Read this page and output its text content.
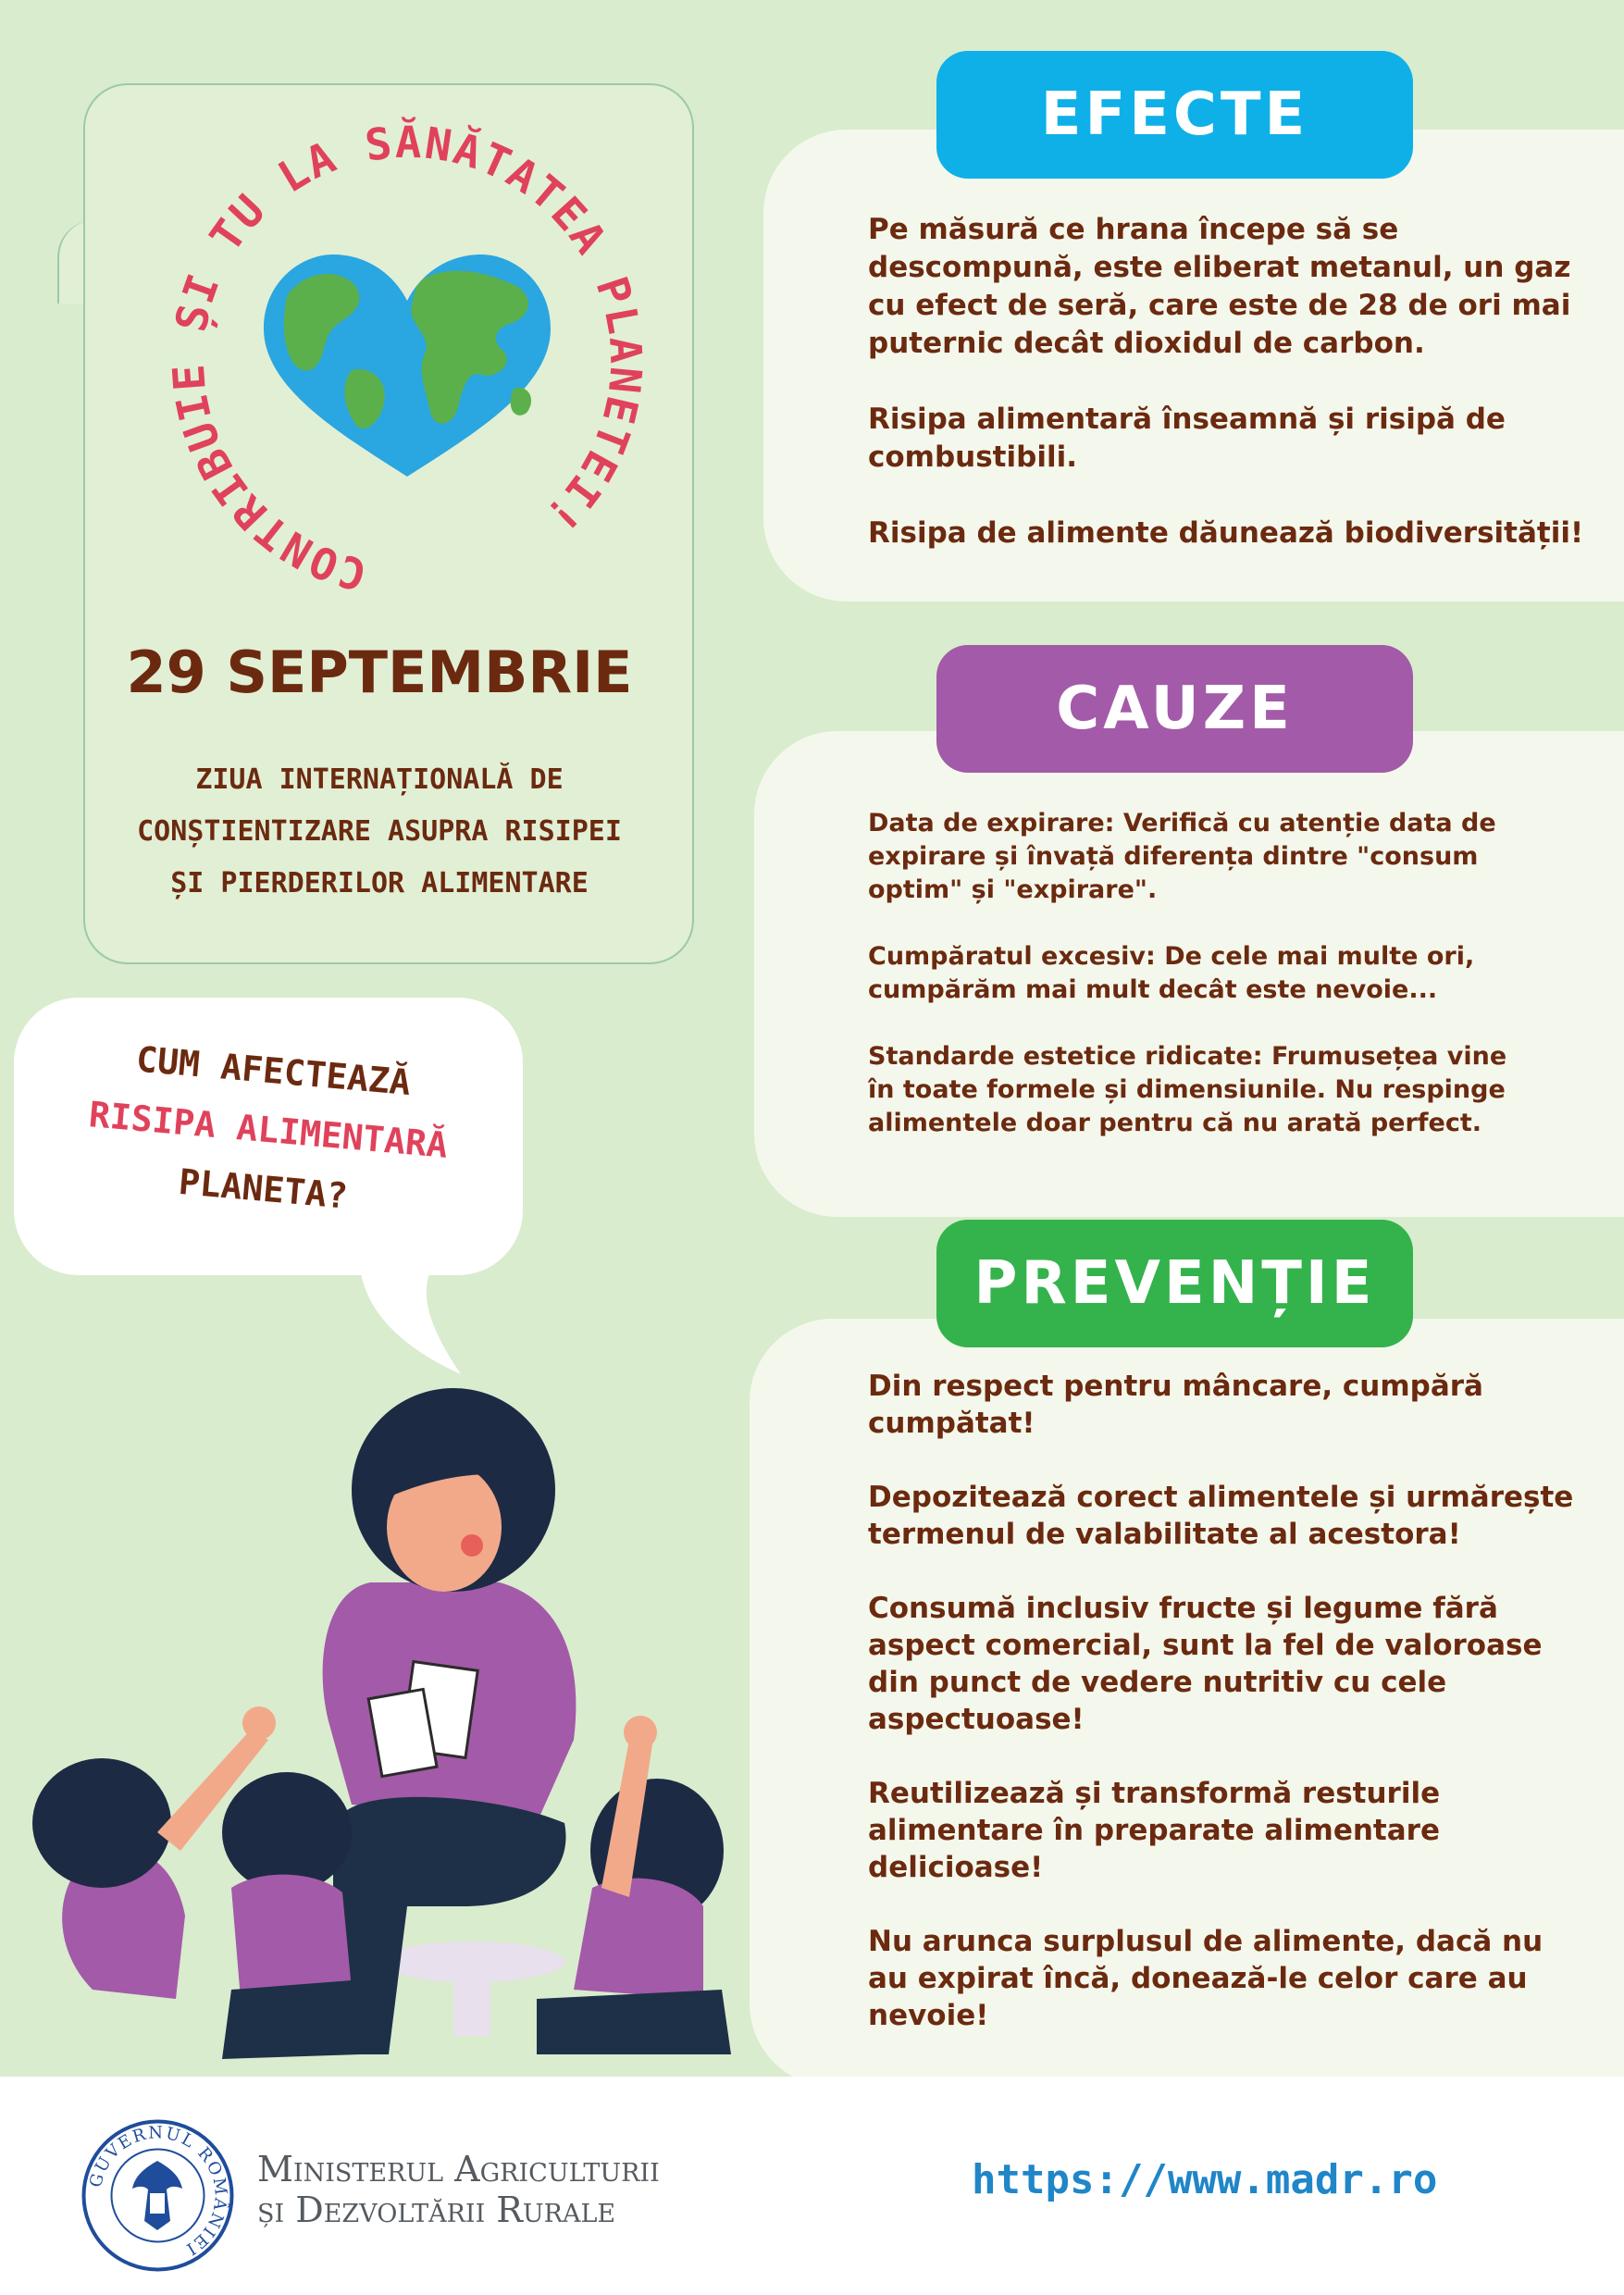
CONTRIBUIE ȘI TU LA SĂNĂTATEA PLANETEI!
29 SEPTEMBRIE
ZIUA INTERNAȚIONALĂ DE
CONȘTIENTIZARE ASUPRA RISIPEI
ȘI PIERDERILOR ALIMENTARE
CUM AFECTEAZĂ
RISIPA ALIMENTARĂ
PLANETA?
EFECTE
CAUZE
PREVENȚIE

Pe măsură ce hrana începe să se descompună, este eliberat metanul, un gaz cu efect de seră, care este de 28 de ori mai puternic decât dioxidul de carbon.

Risipa alimentară înseamnă și risipă de combustibili.

Risipa de alimente dăunează biodiversității!

Data de expirare: Verifică cu atenție data de expirare și învață diferența dintre "consum optim" și "expirare".

Cumpăratul excesiv: De cele mai multe ori, cumpărăm mai mult decât este nevoie...

Standarde estetice ridicate: Frumusețea vine în toate formele și dimensiunile. Nu respinge alimentele doar pentru că nu arată perfect.

Din respect pentru mâncare, cumpără cumpătat!

Depozitează corect alimentele și urmărește termenul de valabilitate al acestora!

Consumă inclusiv fructe și legume fără aspect comercial, sunt la fel de valoroase din punct de vedere nutritiv cu cele aspectuoase!

Reutilizează și transformă resturile alimentare în preparate alimentare delicioase!

Nu arunca surplusul de alimente, dacă nu au expirat încă, donează-le celor care au nevoie!

GUVERNUL ROMÂNIEI
Ministerul Agriculturii
și Dezvoltării Rurale
https://www.madr.ro
